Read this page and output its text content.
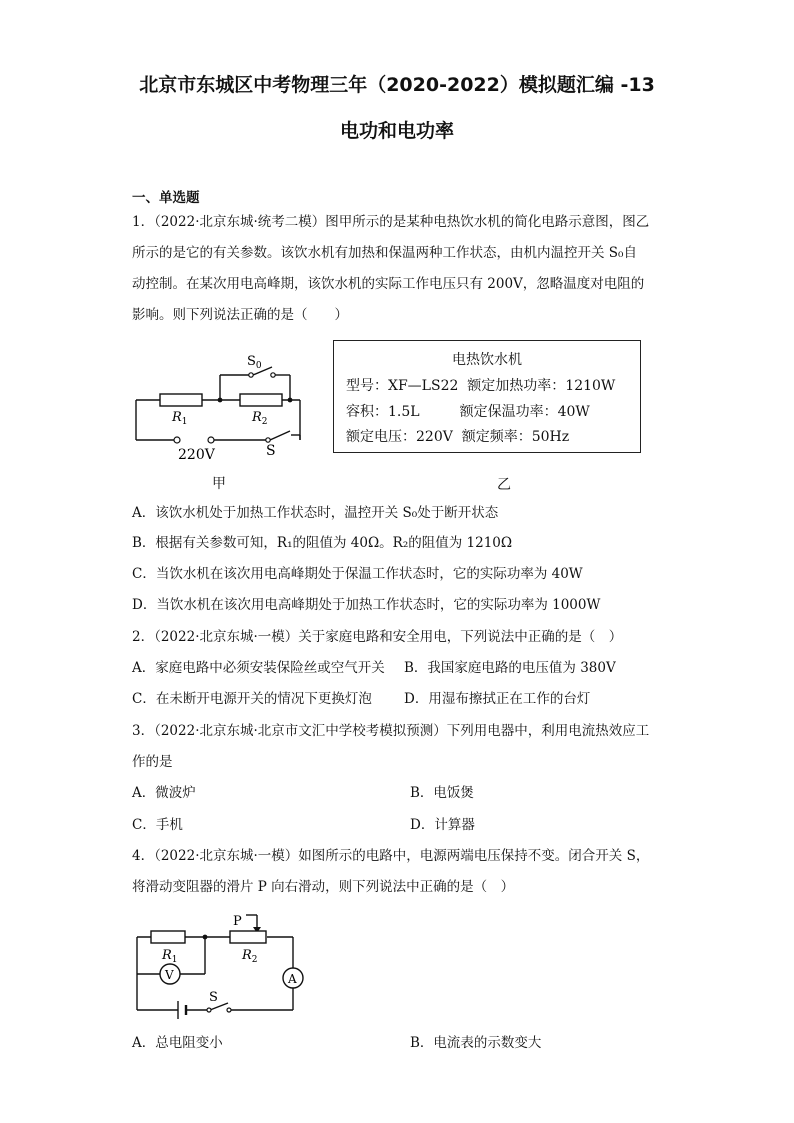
北京市东城区中考物理三年（2020-2022）模拟题汇编 -13
电功和电功率
一、单选题
1．（2022·北京东城·统考二模）图甲所示的是某种电热饮水机的简化电路示意图，图乙
所示的是它的有关参数。该饮水机有加热和保温两种工作状态，由机内温控开关 S₀自
动控制。在某次用电高峰期，该饮水机的实际工作电压只有 200V，忽略温度对电阻的
影响。则下列说法正确的是（　　）
$S_0$
$R_1$	$R_2$
220V	S
甲
电热饮水机
型号：XF—LS22  额定加热功率：1210W
容积：1.5L         额定保温功率：40W
额定电压：220V  额定频率：50Hz
乙
A．该饮水机处于加热工作状态时，温控开关 S₀处于断开状态
B．根据有关参数可知，R₁的阻值为 40Ω。R₂的阻值为 1210Ω
C．当饮水机在该次用电高峰期处于保温工作状态时，它的实际功率为 40W
D．当饮水机在该次用电高峰期处于加热工作状态时，它的实际功率为 1000W
2．（2022·北京东城·一模）关于家庭电路和安全用电，下列说法中正确的是（　）
A．家庭电路中必须安装保险丝或空气开关 B．我国家庭电路的电压值为 380V
C．在未断开电源开关的情况下更换灯泡 D．用湿布擦拭正在工作的台灯
3．（2022·北京东城·北京市文汇中学校考模拟预测）下列用电器中，利用电流热效应工
作的是
A．微波炉	B．电饭煲
C．手机	D．计算器
4．（2022·北京东城·一模）如图所示的电路中，电源两端电压保持不变。闭合开关 S，
将滑动变阻器的滑片 P 向右滑动，则下列说法中正确的是（　）
V	A
P
$R_1$	$R_2$
S
A．总电阻变小	B．电流表的示数变大
